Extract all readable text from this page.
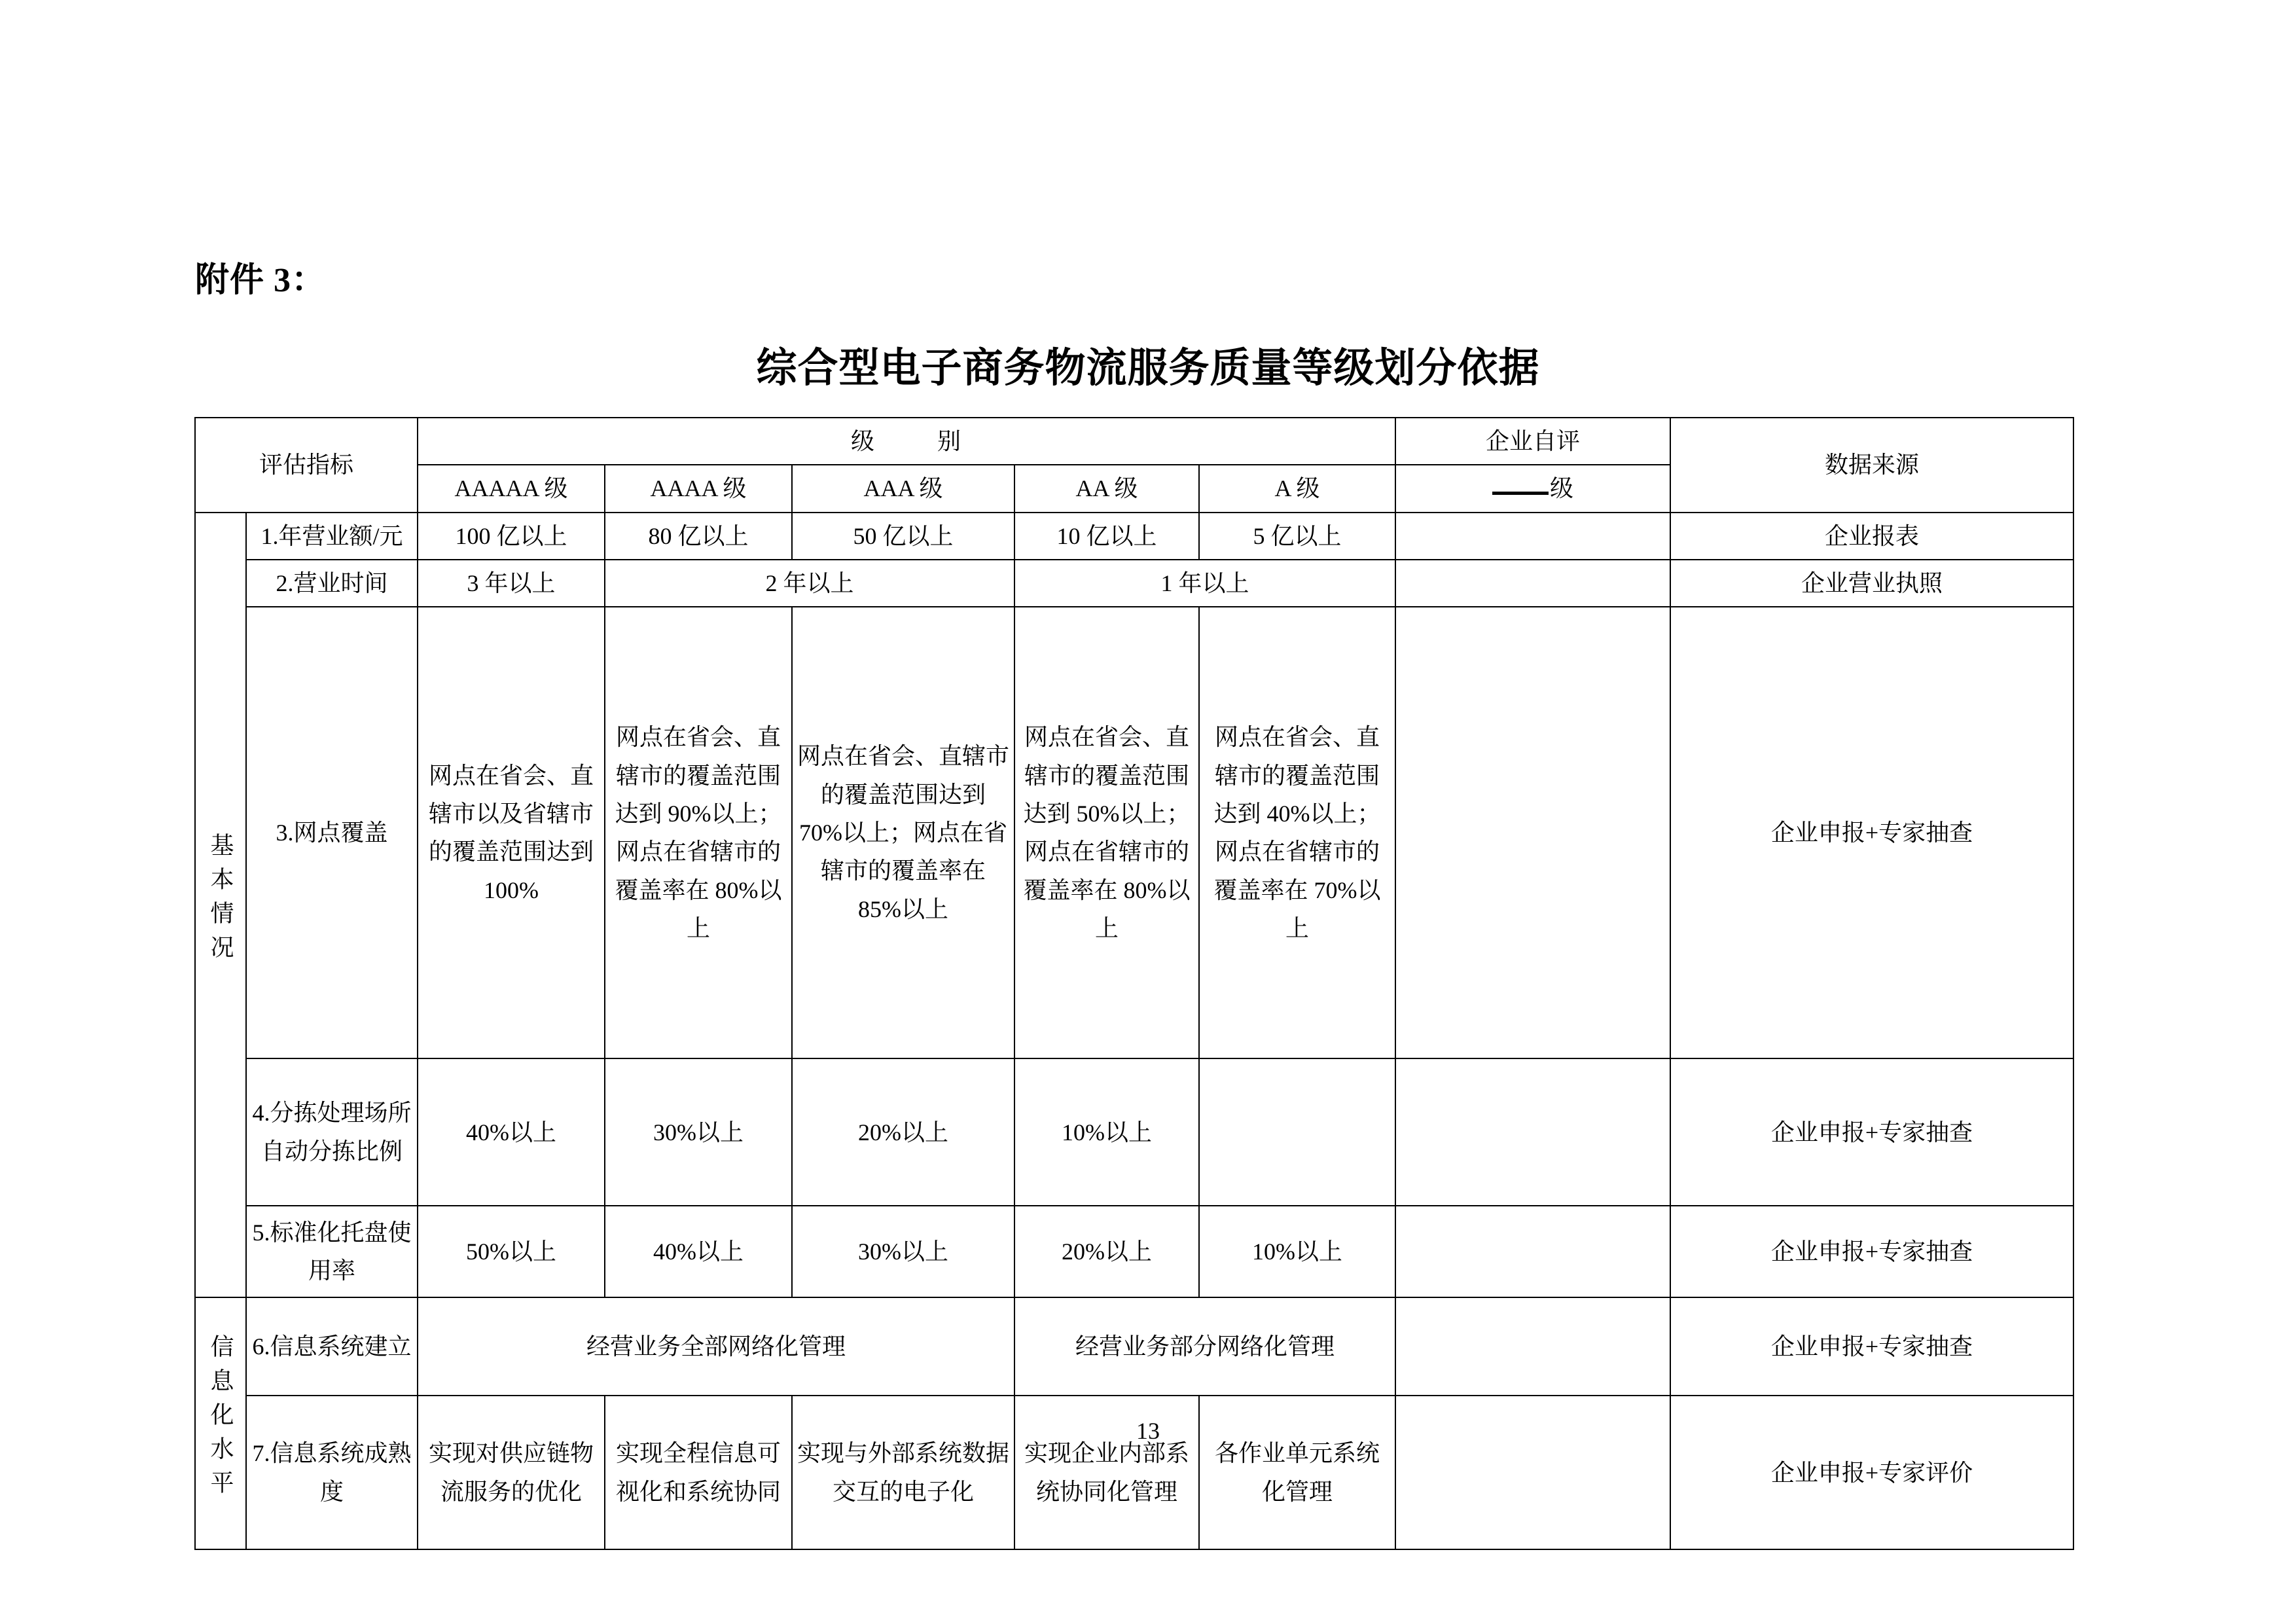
附件 3：
综合型电子商务物流服务质量等级划分依据
评估指标		级　别					企业自评	数据来源
		AAAAA 级	AAAA 级	AAA 级	AA 级	A 级	级	
基本情况	1.年营业额/元	100 亿以上	80 亿以上	50 亿以上	10 亿以上	5 亿以上		企业报表
	2.营业时间	3 年以上	2 年以上		1 年以上			企业营业执照
	3.网点覆盖	网点在省会、直辖市以及省辖市的覆盖范围达到100%	网点在省会、直辖市的覆盖范围达到 90%以上；网点在省辖市的覆盖率在 80%以上	网点在省会、直辖市的覆盖范围达到 70%以上；网点在省辖市的覆盖率在 85%以上	网点在省会、直辖市的覆盖范围达到 50%以上；网点在省辖市的覆盖率在 80%以上	网点在省会、直辖市的覆盖范围达到 40%以上；网点在省辖市的覆盖率在 70%以上		企业申报+专家抽查
	4.分拣处理场所自动分拣比例	40%以上	30%以上	20%以上	10%以上			企业申报+专家抽查
	5.标准化托盘使用率	50%以上	40%以上	30%以上	20%以上	10%以上		企业申报+专家抽查
信息化水平	6.信息系统建立	经营业务全部网络化管理			经营业务部分网络化管理			企业申报+专家抽查
	7.信息系统成熟度	实现对供应链物流服务的优化	实现全程信息可视化和系统协同	实现与外部系统数据交互的电子化	实现企业内部系统协同化管理	各作业单元系统化管理		企业申报+专家评价
13
